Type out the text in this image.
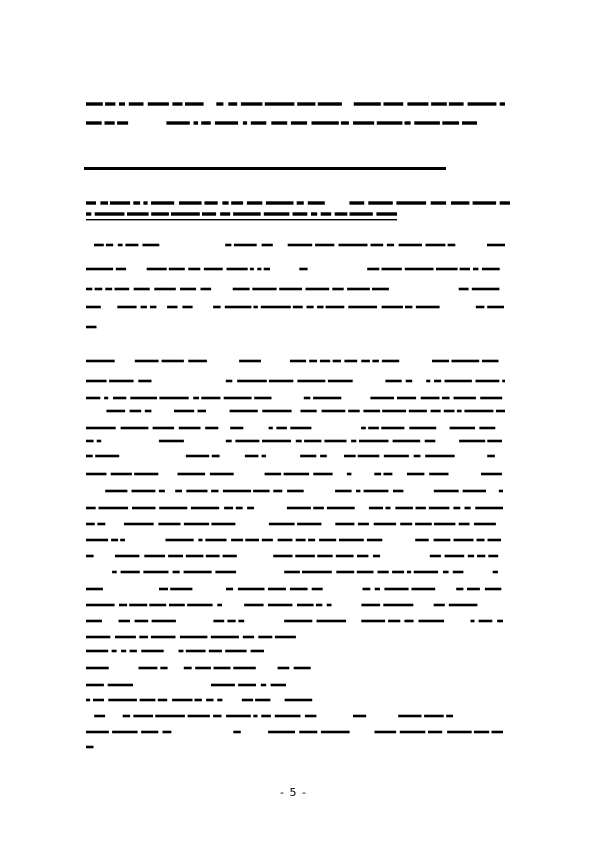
- 5 -
